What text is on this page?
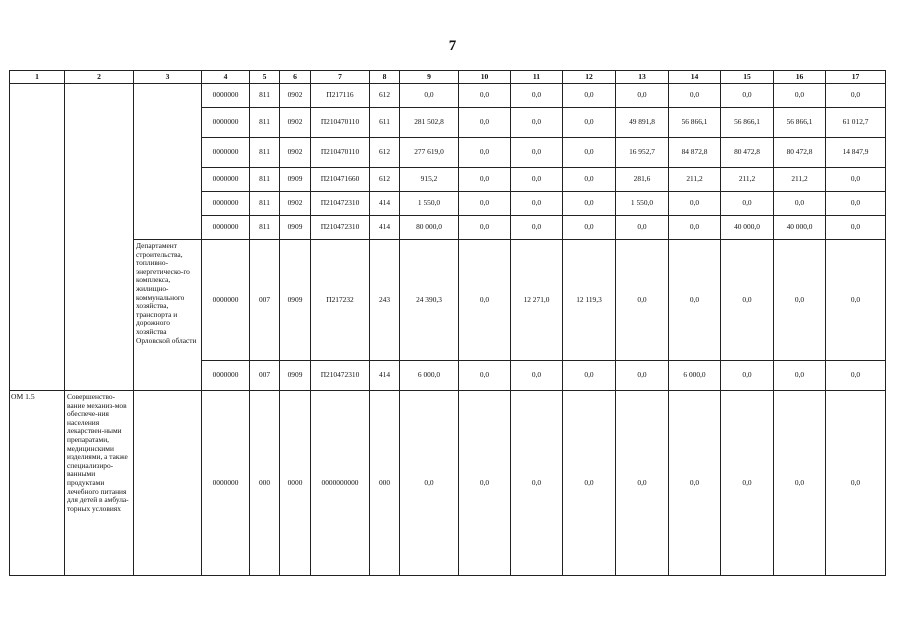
7
1	2	3	4	5	6	7	8	9	10	11	12	13	14	15	16	17
			0000000	811	0902	П217116	612	0,0	0,0	0,0	0,0	0,0	0,0	0,0	0,0	0,0
			0000000	811	0902	П210470110	611	281 502,8	0,0	0,0	0,0	49 891,8	56 866,1	56 866,1	56 866,1	61 012,7
			0000000	811	0902	П210470110	612	277 619,0	0,0	0,0	0,0	16 952,7	84 872,8	80 472,8	80 472,8	14 847,9
			0000000	811	0909	П210471660	612	915,2	0,0	0,0	0,0	281,6	211,2	211,2	211,2	0,0
			0000000	811	0902	П210472310	414	1 550,0	0,0	0,0	0,0	1 550,0	0,0	0,0	0,0	0,0
			0000000	811	0909	П210472310	414	80 000,0	0,0	0,0	0,0	0,0	0,0	40 000,0	40 000,0	0,0
		Департамент строительства, топливно-энергетическо-го комплекса, жилищно-коммунального хозяйства, транспорта и дорожного хозяйства Орловской области	0000000	007	0909	П217232	243	24 390,3	0,0	12 271,0	12 119,3	0,0	0,0	0,0	0,0	0,0
			0000000	007	0909	П210472310	414	6 000,0	0,0	0,0	0,0	0,0	6 000,0	0,0	0,0	0,0
ОМ 1.5	Совершенство-вание механиз-мов обеспече-ния населения лекарствен-ными препаратами, медицинскими изделиями, а также специализиро-ванными продуктами лечебного питания для детей в амбула-торных условиях		0000000	000	0000	0000000000	000	0,0	0,0	0,0	0,0	0,0	0,0	0,0	0,0	0,0
